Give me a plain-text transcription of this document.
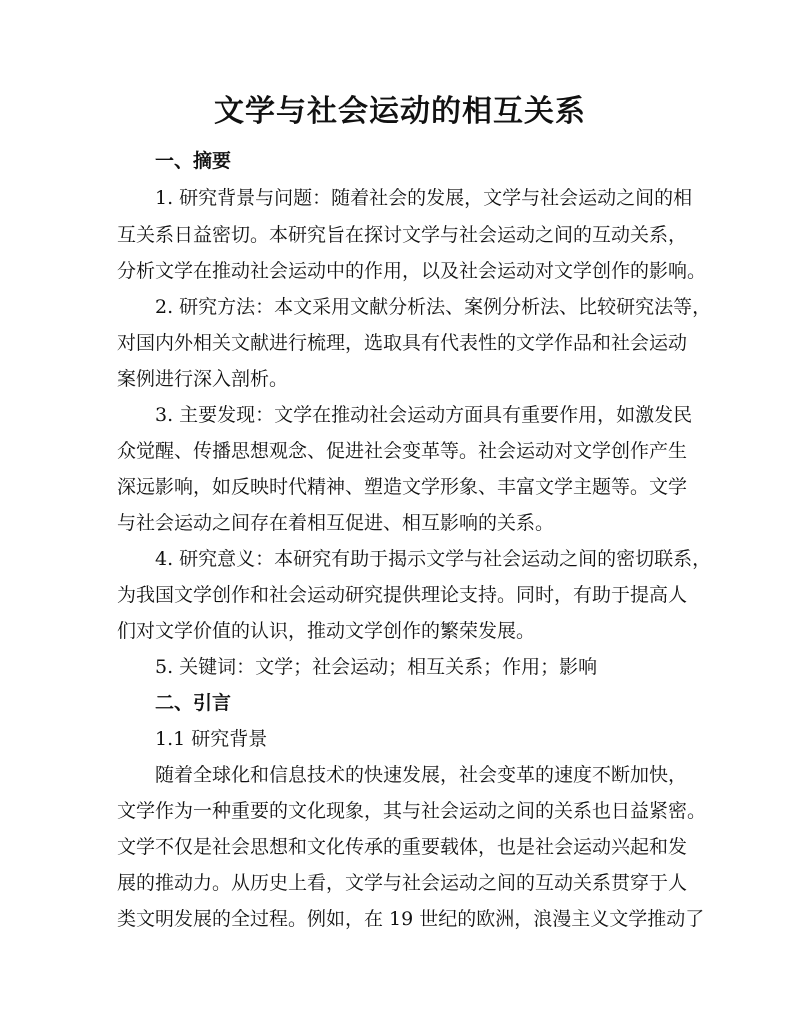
文学与社会运动的相互关系

一、摘要

1. 研究背景与问题：随着社会的发展，文学与社会运动之间的相

互关系日益密切。本研究旨在探讨文学与社会运动之间的互动关系，

分析文学在推动社会运动中的作用，以及社会运动对文学创作的影响。

2. 研究方法：本文采用文献分析法、案例分析法、比较研究法等，

对国内外相关文献进行梳理，选取具有代表性的文学作品和社会运动

案例进行深入剖析。

3. 主要发现：文学在推动社会运动方面具有重要作用，如激发民

众觉醒、传播思想观念、促进社会变革等。社会运动对文学创作产生

深远影响，如反映时代精神、塑造文学形象、丰富文学主题等。文学

与社会运动之间存在着相互促进、相互影响的关系。

4. 研究意义：本研究有助于揭示文学与社会运动之间的密切联系，

为我国文学创作和社会运动研究提供理论支持。同时，有助于提高人

们对文学价值的认识，推动文学创作的繁荣发展。

5. 关键词：文学；社会运动；相互关系；作用；影响

二、引言

1.1 研究背景

随着全球化和信息技术的快速发展，社会变革的速度不断加快，

文学作为一种重要的文化现象，其与社会运动之间的关系也日益紧密。

文学不仅是社会思想和文化传承的重要载体，也是社会运动兴起和发

展的推动力。从历史上看，文学与社会运动之间的互动关系贯穿于人

类文明发展的全过程。例如，在 19 世纪的欧洲，浪漫主义文学推动了
